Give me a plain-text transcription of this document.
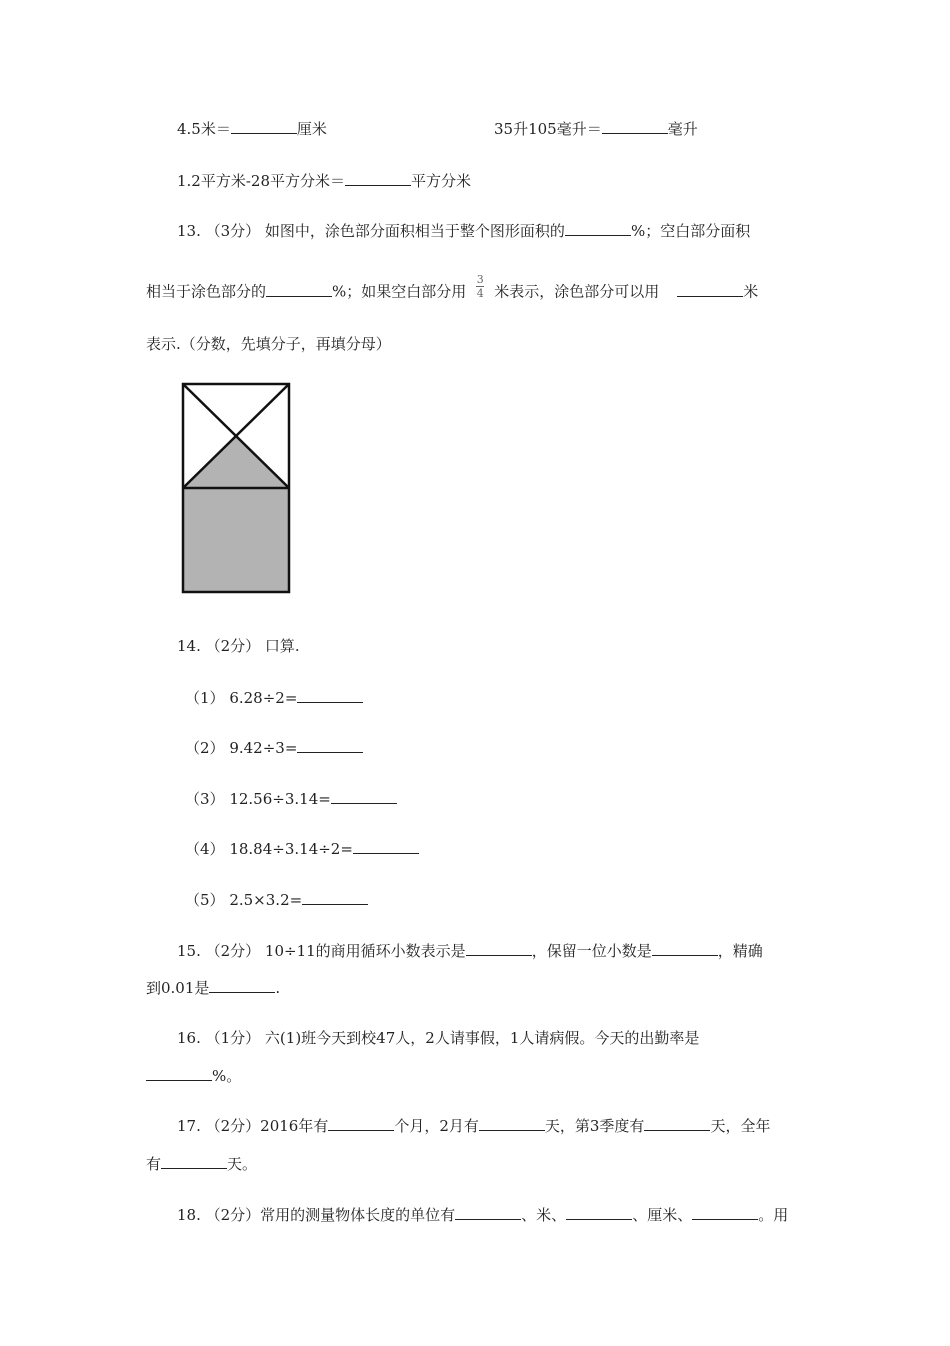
4.5米＝	厘米	35升105毫升＝	毫升
1.2平方米-28平方分米＝	平方分米
13. （3分） 如图中，涂色部分面积相当于整个图形面积的	%；空白部分面积
相当于涂色部分的	%；如果空白部分用 $\frac{3}{4}$ 米表示，涂色部分可以用	米
表示.（分数，先填分子，再填分母）
14. （2分） 口算.
（1） 6.28÷2=
（2） 9.42÷3=
（3） 12.56÷3.14=
（4） 18.84÷3.14÷2=
（5） 2.5×3.2=
15. （2分） 10÷11的商用循环小数表示是	，保留一位小数是	，精确
到0.01是	.
16. （1分） 六(1)班今天到校47人，2人请事假，1人请病假。今天的出勤率是
%。
17. （2分）2016年有	个月，2月有	天，第3季度有	天，全年
有	天。
18. （2分）常用的测量物体长度的单位有	、米、	、厘米、	。用
